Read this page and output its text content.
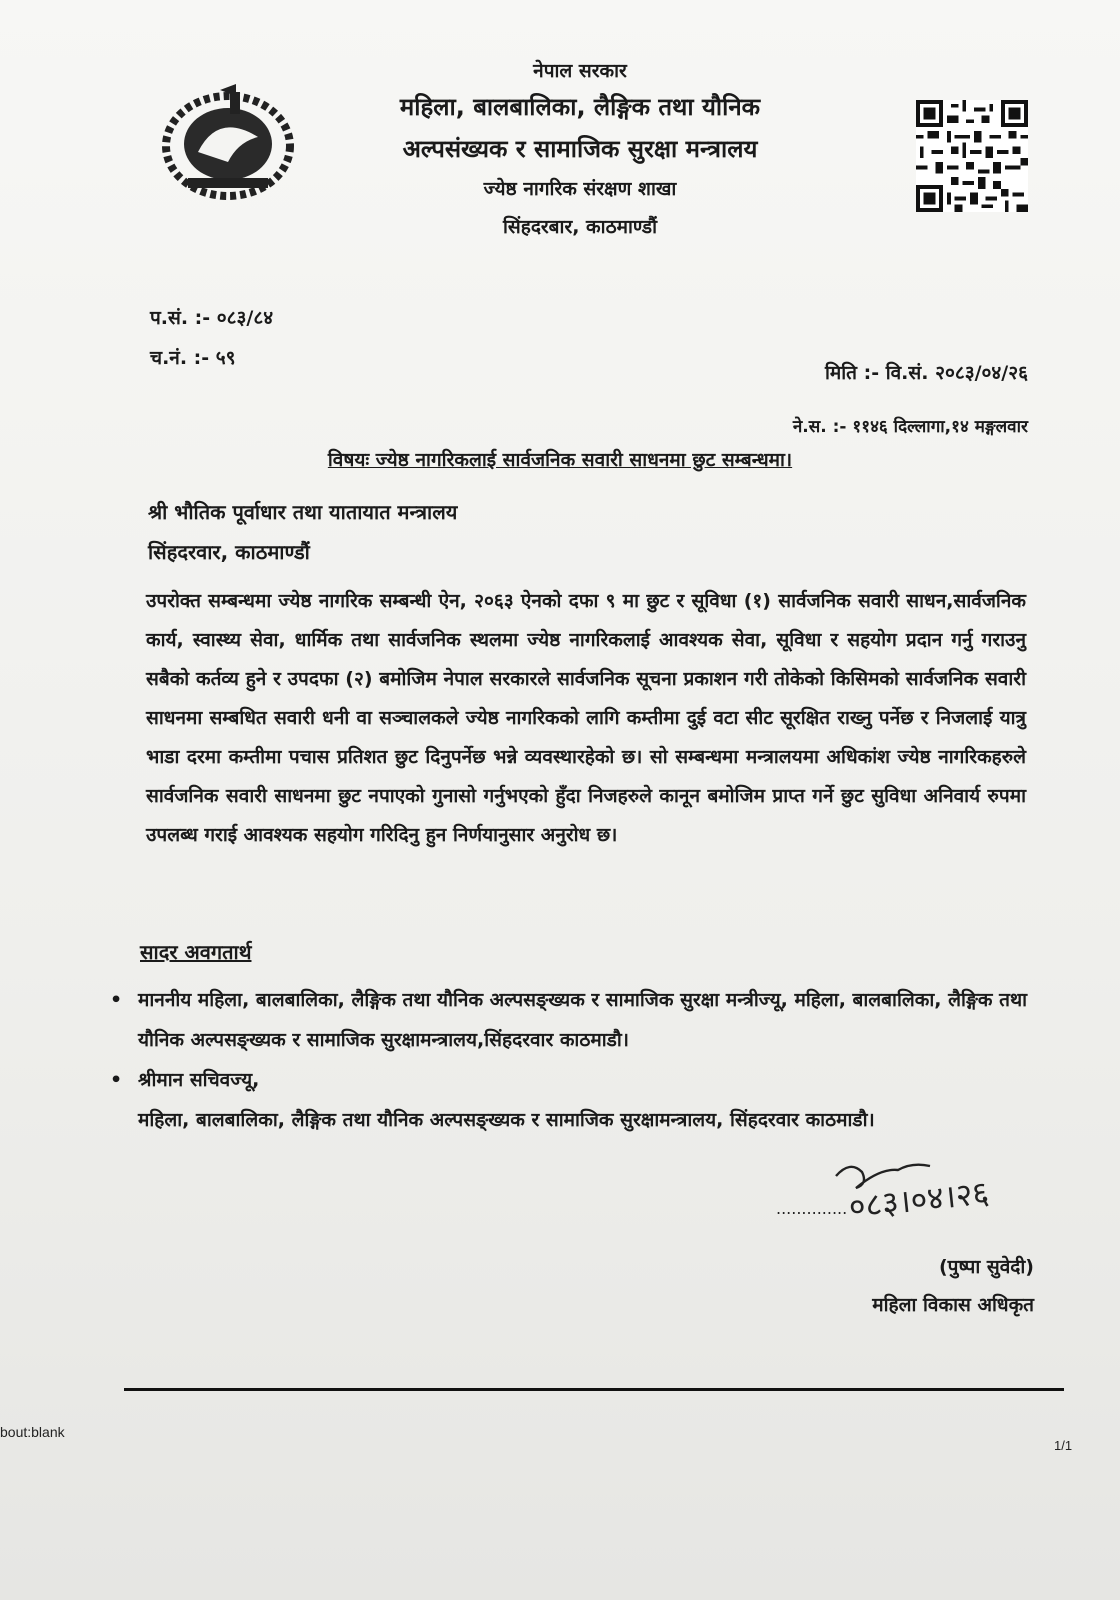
नेपाल सरकार
महिला, बालबालिका, लैङ्गिक तथा यौनिक
अल्पसंख्यक र सामाजिक सुरक्षा मन्त्रालय
ज्येष्ठ नागरिक संरक्षण शाखा
सिंहदरबार, काठमाण्डौं
प.सं. :- ०८३/८४
च.नं. :- ५९
मिति :- वि.सं. २०८३/०४/२६
ने.स. :- ११४६ दिल्लागा,१४ मङ्गलवार
विषयः ज्येष्ठ नागरिकलाई सार्वजनिक सवारी साधनमा छुट सम्बन्धमा।
श्री भौतिक पूर्वाधार तथा यातायात मन्त्रालय
सिंहदरवार, काठमाण्डौं
उपरोक्त सम्बन्धमा ज्येष्ठ नागरिक सम्बन्धी ऐन, २०६३ ऐनको दफा ९ मा छुट र सूविधा (१) सार्वजनिक सवारी साधन,सार्वजनिक कार्य, स्वास्थ्य सेवा, धार्मिक तथा सार्वजनिक स्थलमा ज्येष्ठ नागरिकलाई आवश्यक सेवा, सूविधा र सहयोग प्रदान गर्नु गराउनु सबैको कर्तव्य हुने र उपदफा (२) बमोजिम नेपाल सरकारले सार्वजनिक सूचना प्रकाशन गरी तोकेको किसिमको सार्वजनिक सवारी साधनमा सम्बधित सवारी धनी वा सञ्चालकले ज्येष्ठ नागरिकको लागि कम्तीमा दुई वटा सीट सूरक्षित राख्नु पर्नेछ र निजलाई यात्रु भाडा दरमा कम्तीमा पचास प्रतिशत छुट दिनुपर्नेछ भन्ने व्यवस्थारहेको छ। सो सम्बन्धमा मन्त्रालयमा अधिकांश ज्येष्ठ नागरिकहरुले सार्वजनिक सवारी साधनमा छुट नपाएको गुनासो गर्नुभएको हुँदा निजहरुले कानून बमोजिम प्राप्त गर्ने छुट सुविधा अनिवार्य रुपमा उपलब्ध गराई आवश्यक सहयोग गरिदिनु हुन निर्णयानुसार अनुरोध छ।
सादर अवगतार्थ
• माननीय महिला, बालबालिका, लैङ्गिक तथा यौनिक अल्पसङ्ख्यक र सामाजिक सुरक्षा मन्त्रीज्यू, महिला, बालबालिका, लैङ्गिक तथा यौनिक अल्पसङ्ख्यक र सामाजिक सुरक्षामन्त्रालय,सिंहदरवार काठमाडौ।
• श्रीमान सचिवज्यू,
महिला, बालबालिका, लैङ्गिक तथा यौनिक अल्पसङ्ख्यक र सामाजिक सुरक्षामन्त्रालय, सिंहदरवार काठमाडौ।
०८३।०४।२६
..............
(पुष्पा सुवेदी)
महिला विकास अधिकृत
bout:blank
1/1
